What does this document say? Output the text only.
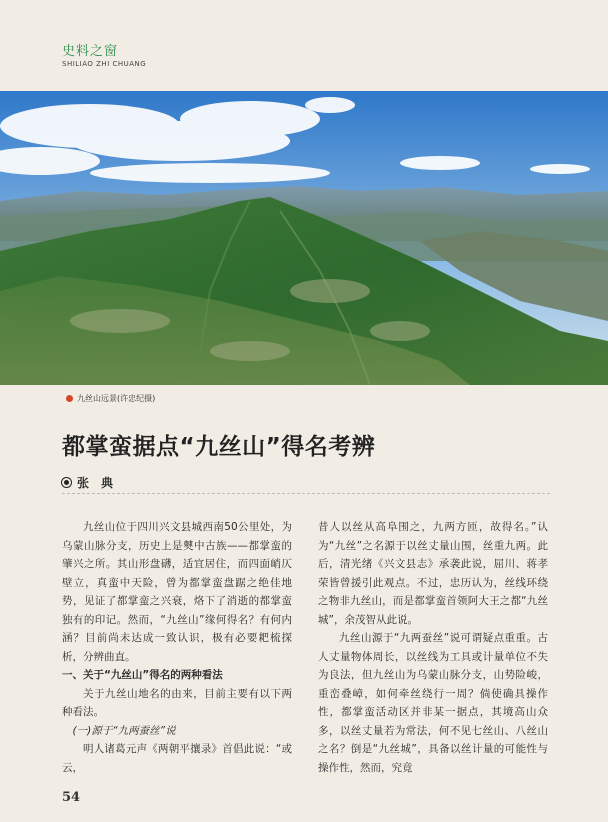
史料之窗
SHILIAO ZHI CHUANG
九丝山远景(许忠纪摄)
都掌蛮据点“九丝山”得名考辨
张　典

九丝山位于四川兴文县城西南50公里处，为乌蒙山脉分支，历史上是僰中古族——都掌蛮的肇兴之所。其山形盘礴，适宜居住，而四面峭仄壁立，真蛮中天险，曾为都掌蛮盘踞之绝佳地势，见证了都掌蛮之兴衰，烙下了消逝的都掌蛮独有的印记。然而，“九丝山”缘何得名？有何内涵？目前尚未达成一致认识，极有必要耙梳探析，分辨曲直。

一、关于“九丝山”得名的两种看法

关于九丝山地名的由来，目前主要有以下两种看法。

(一)源于“九两蚕丝”说

明人诸葛元声《两朝平攘录》首倡此说：“或云，

昔人以丝从高阜围之，九两方匝，故得名。”认为“九丝”之名源于以丝丈量山围，丝重九两。此后，清光绪《兴文县志》承袭此说，屈川、蒋孝荣皆曾援引此观点。不过，忠历认为，丝线环绕之物非九丝山，而是都掌蛮首领阿大王之都“九丝城”，余茂智从此说。

九丝山源于“九两蚕丝”说可谓疑点重重。古人丈量物体周长，以丝线为工具或计量单位不失为良法，但九丝山为乌蒙山脉分支，山势险峻，重峦叠嶂，如何牵丝绕行一周？倘使确具操作性，都掌蛮活动区并非某一据点，其境高山众多，以丝丈量若为常法，何不见七丝山、八丝山之名？倒是“九丝城”，具备以丝计量的可能性与操作性，然而，究竟

54
